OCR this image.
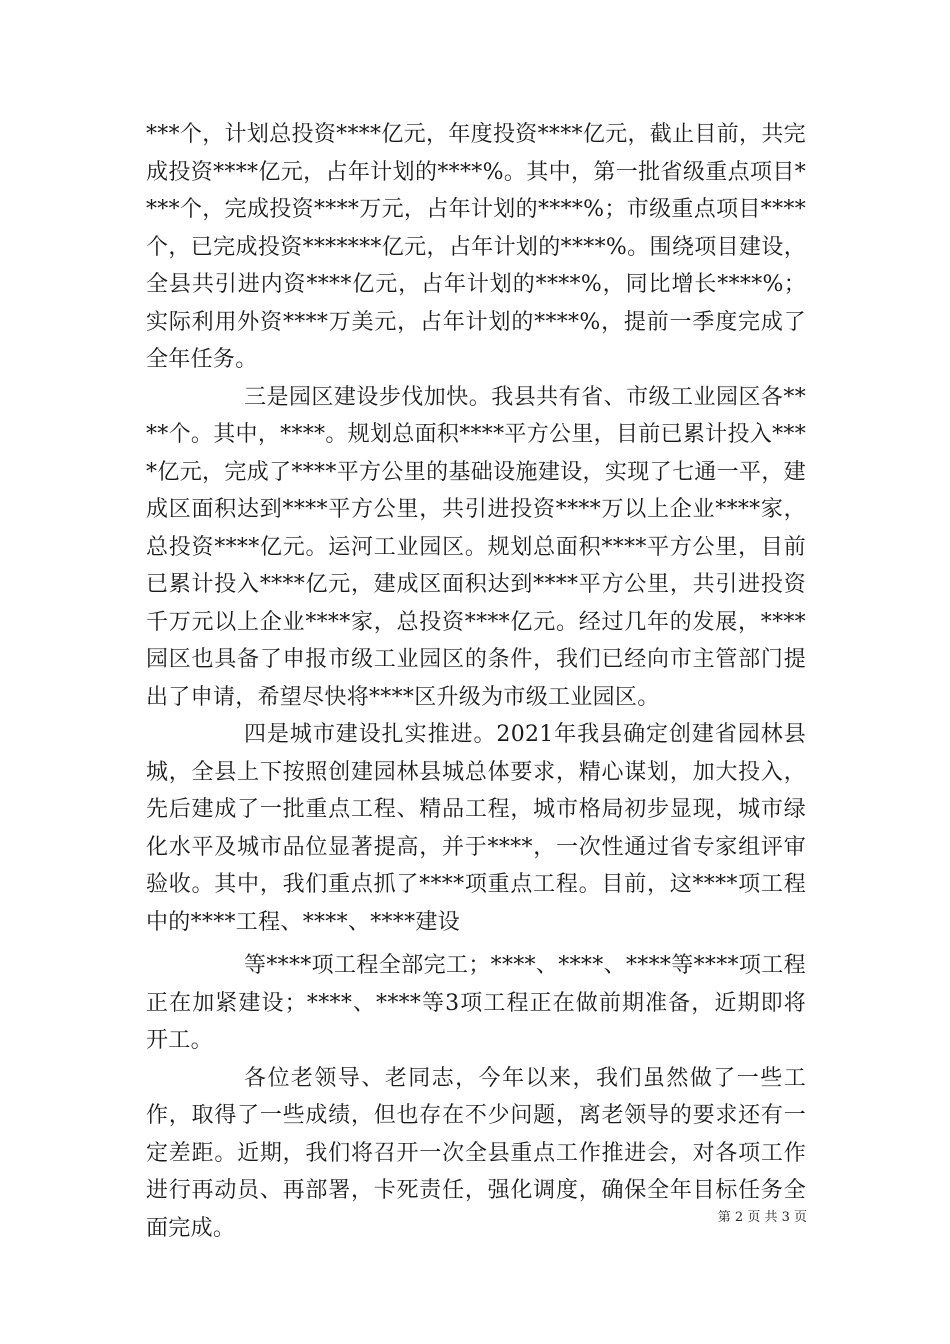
***个，计划总投资****亿元，年度投资****亿元，截止目前，共完成投资****亿元，占年计划的****%。其中，第一批省级重点项目****个，完成投资****万元，占年计划的****%；市级重点项目****个，已完成投资*******亿元，占年计划的****%。围绕项目建设，全县共引进内资****亿元，占年计划的****%，同比增长****%；实际利用外资****万美元，占年计划的****%，提前一季度完成了全年任务。

三是园区建设步伐加快。我县共有省、市级工业园区各****个。其中，****。规划总面积****平方公里，目前已累计投入****亿元，完成了****平方公里的基础设施建设，实现了七通一平，建成区面积达到****平方公里，共引进投资****万以上企业****家，总投资****亿元。运河工业园区。规划总面积****平方公里，目前已累计投入****亿元，建成区面积达到****平方公里，共引进投资千万元以上企业****家，总投资****亿元。经过几年的发展，****园区也具备了申报市级工业园区的条件，我们已经向市主管部门提出了申请，希望尽快将****区升级为市级工业园区。

四是城市建设扎实推进。2021年我县确定创建省园林县城，全县上下按照创建园林县城总体要求，精心谋划，加大投入，先后建成了一批重点工程、精品工程，城市格局初步显现，城市绿化水平及城市品位显著提高，并于****，一次性通过省专家组评审验收。其中，我们重点抓了****项重点工程。目前，这****项工程中的****工程、****、****建设

等****项工程全部完工；****、****、****等****项工程正在加紧建设；****、****等3项工程正在做前期准备，近期即将开工。

各位老领导、老同志，今年以来，我们虽然做了一些工作，取得了一些成绩，但也存在不少问题，离老领导的要求还有一定差距。近期，我们将召开一次全县重点工作推进会，对各项工作进行再动员、再部署，卡死责任，强化调度，确保全年目标任务全面完成。	第 2 页 共 3 页
